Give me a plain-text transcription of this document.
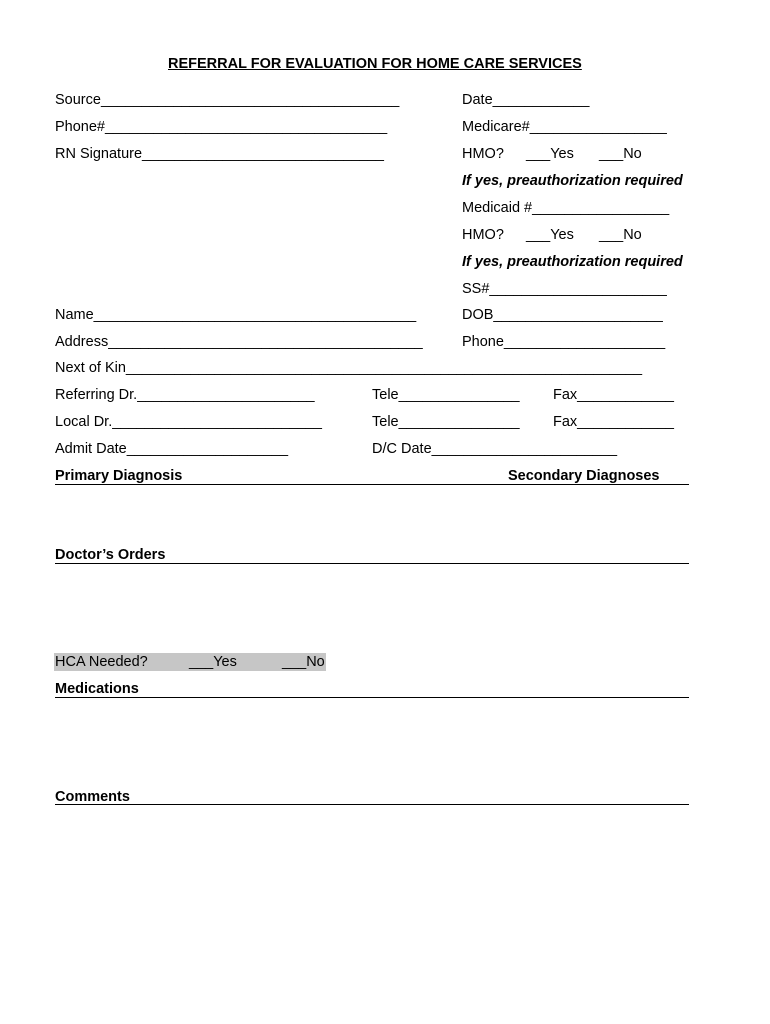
REFERRAL FOR EVALUATION FOR HOME CARE SERVICES
Source_____________________________________	Date____________
Phone#___________________________________	Medicare#_________________
RN Signature______________________________	HMO? ___Yes ___No
If yes, preauthorization required
Medicaid #_________________
HMO? ___Yes ___No
If yes, preauthorization required
SS#______________________
Name________________________________________	DOB_____________________
Address_______________________________________	Phone____________________
Next of Kin________________________________________________________________
Referring Dr.______________________	Tele_______________ Fax____________
Local Dr.__________________________	Tele_______________ Fax____________
Admit Date____________________	D/C Date_______________________
Primary Diagnosis	Secondary Diagnoses
Doctor’s Orders
HCA Needed?	___Yes	___No
Medications
Comments
